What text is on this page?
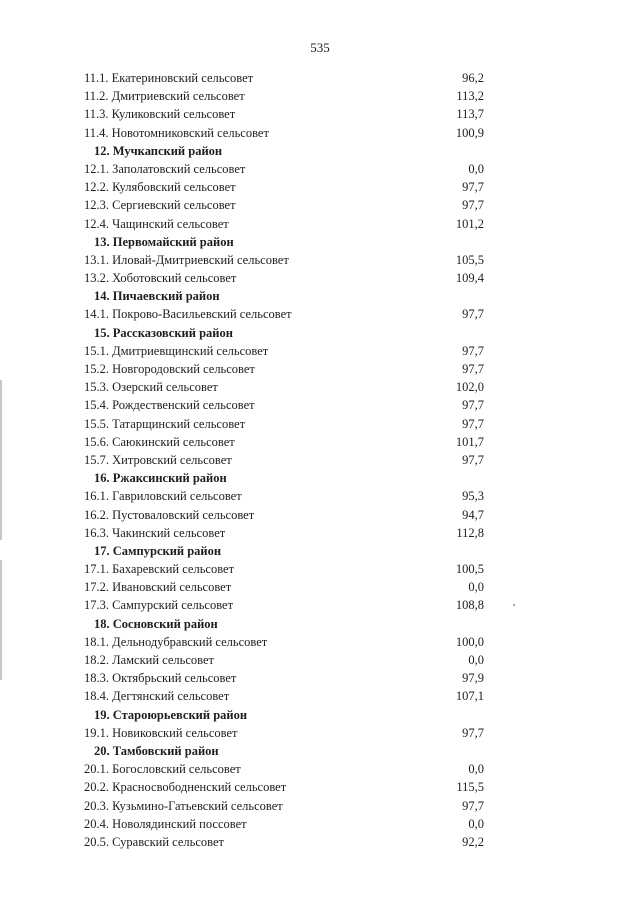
535
11.1. Екатериновский сельсовет	96,2
11.2. Дмитриевский сельсовет	113,2
11.3. Куликовский сельсовет	113,7
11.4. Новотомниковский сельсовет	100,9
12. Мучкапский район
12.1. Заполатовский сельсовет	0,0
12.2. Кулябовский сельсовет	97,7
12.3. Сергиевский сельсовет	97,7
12.4. Чащинский сельсовет	101,2
13. Первомайский район
13.1. Иловай-Дмитриевский сельсовет	105,5
13.2. Хоботовский сельсовет	109,4
14. Пичаевский район
14.1. Покрово-Васильевский сельсовет	97,7
15. Рассказовский район
15.1. Дмитриевщинский сельсовет	97,7
15.2. Новгородовский сельсовет	97,7
15.3. Озерский сельсовет	102,0
15.4. Рождественский сельсовет	97,7
15.5. Татарщинский сельсовет	97,7
15.6. Саюкинский сельсовет	101,7
15.7. Хитровский сельсовет	97,7
16. Ржаксинский район
16.1. Гавриловский сельсовет	95,3
16.2. Пустоваловский сельсовет	94,7
16.3. Чакинский сельсовет	112,8
17. Сампурский район
17.1. Бахаревский сельсовет	100,5
17.2. Ивановский сельсовет	0,0
17.3. Сампурский сельсовет	108,8
18. Сосновский район
18.1. Дельнодубравский сельсовет	100,0
18.2. Ламский сельсовет	0,0
18.3. Октябрьский сельсовет	97,9
18.4. Дегтянский сельсовет	107,1
19. Староюрьевский район
19.1. Новиковский сельсовет	97,7
20. Тамбовский район
20.1. Богословский сельсовет	0,0
20.2. Красносвободненский сельсовет	115,5
20.3. Кузьмино-Гатьевский сельсовет	97,7
20.4. Новолядинский поссовет	0,0
20.5. Суравский сельсовет	92,2
